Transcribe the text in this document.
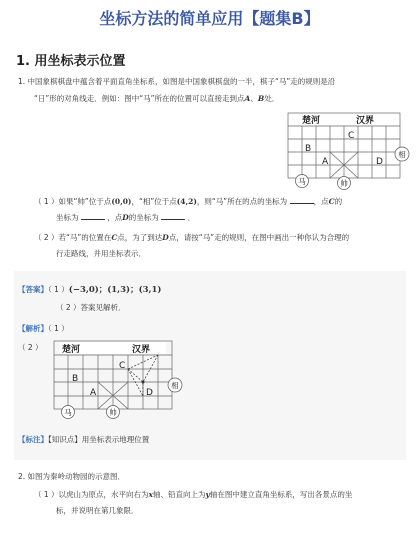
坐标方法的简单应用【题集B】
1. 用坐标表示位置
1. 中国象棋棋盘中蕴含着平面直角坐标系，如图是中国象棋棋盘的一半，棋子“马”走的规则是沿
“日”形的对角线走．例如：图中“马”所在的位置可以直接走到点A、B处．
楚河	汉界
C
B
A	D
马	帅
相
（ 1 ）如果“帅”位于点(0,0)，“相”位于点(4,2)，则“马”所在的点的坐标为	，点C的
坐标为	，点D的坐标为	．
（ 2 ）若“马”的位置在C点，为了到达D点，请按“马”走的规则，在图中画出一种你认为合理的
行走路线，并用坐标表示．
【答案】（ 1 ）(−3,0)；(1,3)；(3,1)
（ 2 ）答案见解析．
【解析】（ 1 ）
（ 2 ） 楚河	汉界
C
B
A	D
马	帅
相
【标注】【知识点】用坐标表示地理位置
2. 如图为秦岭动物园的示意图．
（ 1 ）以虎山为原点，水平向右为x轴、铅直向上为y轴在图中建立直角坐标系，写出各景点的坐
标，并说明在第几象限．
